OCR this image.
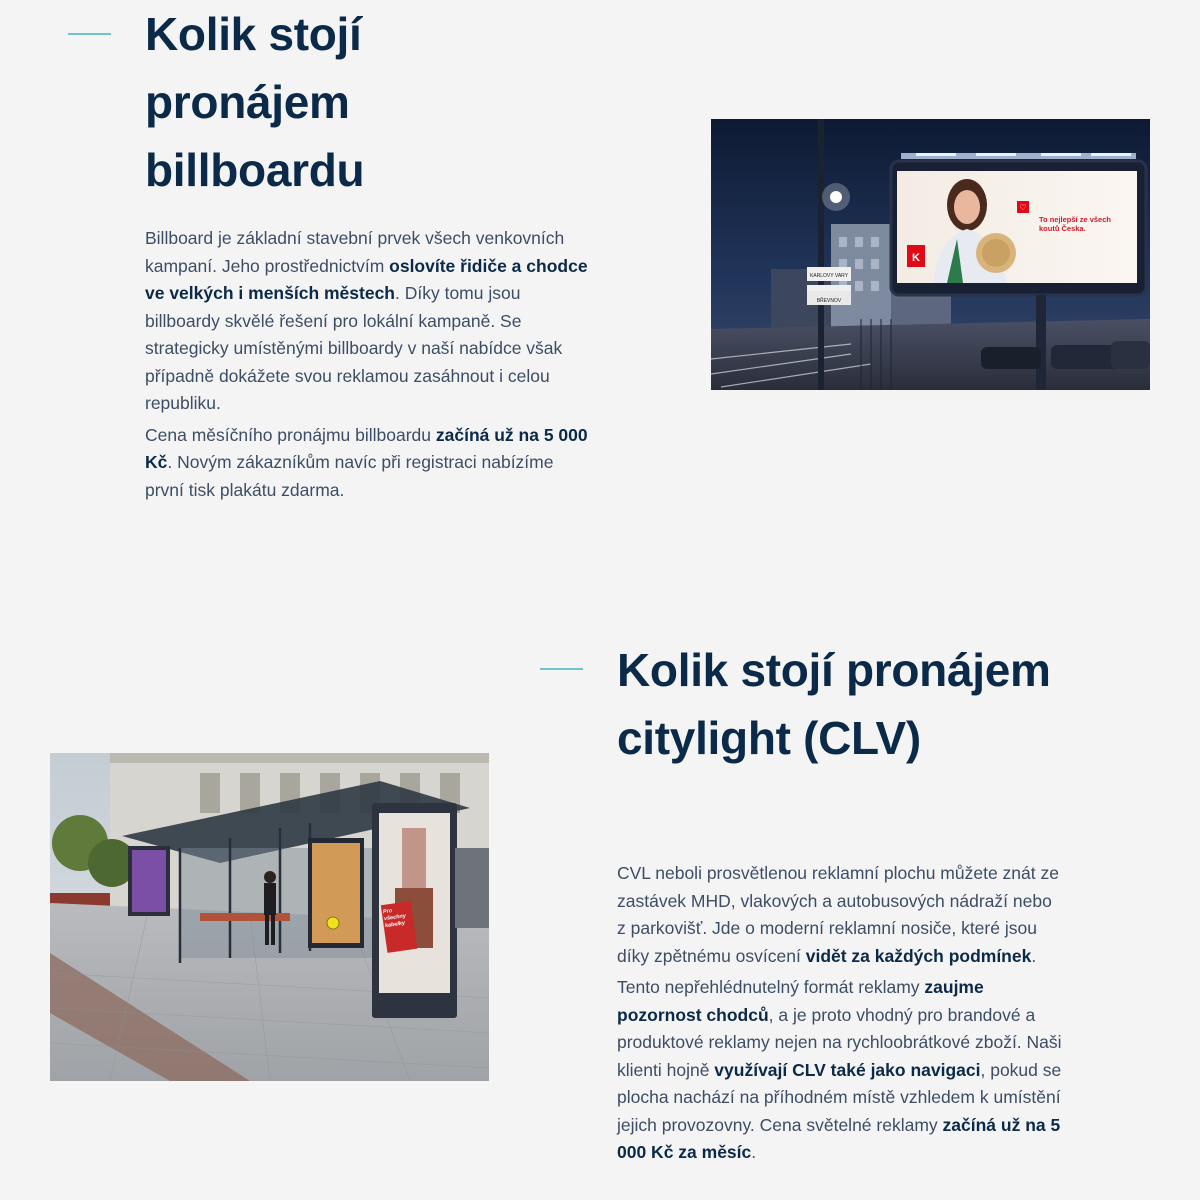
Kolik stojí pronájem billboardu

Billboard je základní stavební prvek všech venkovních kampaní. Jeho prostřednictvím oslovíte řidiče a chodce ve velkých i menších městech. Díky tomu jsou billboardy skvělé řešení pro lokální kampaně. Se strategicky umístěnými billboardy v naší nabídce však případně dokážete svou reklamou zasáhnout i celou republiku.

Cena měsíčního pronájmu billboardu začíná už na 5 000 Kč. Novým zákazníkům navíc při registraci nabízíme první tisk plakátu zdarma.

KARLOVY VARY
BŘEVNOV
K
♡
To nejlepší ze všech koutů Česka.
Kolik stojí pronájem citylight (CLV)

CVL neboli prosvětlenou reklamní plochu můžete znát ze zastávek MHD, vlakových a autobusových nádraží nebo z parkovišť. Jde o moderní reklamní nosiče, které jsou díky zpětnému osvícení vidět za každých podmínek.

Tento nepřehlédnutelný formát reklamy zaujme pozornost chodců, a je proto vhodný pro brandové a produktové reklamy nejen na rychloobrátkové zboží. Naši klienti hojně využívají CLV také jako navigaci, pokud se plocha nachází na příhodném místě vzhledem k umístění jejich provozovny. Cena světelné reklamy začíná už na 5 000 Kč za měsíc.

Pro všechny kabelky
